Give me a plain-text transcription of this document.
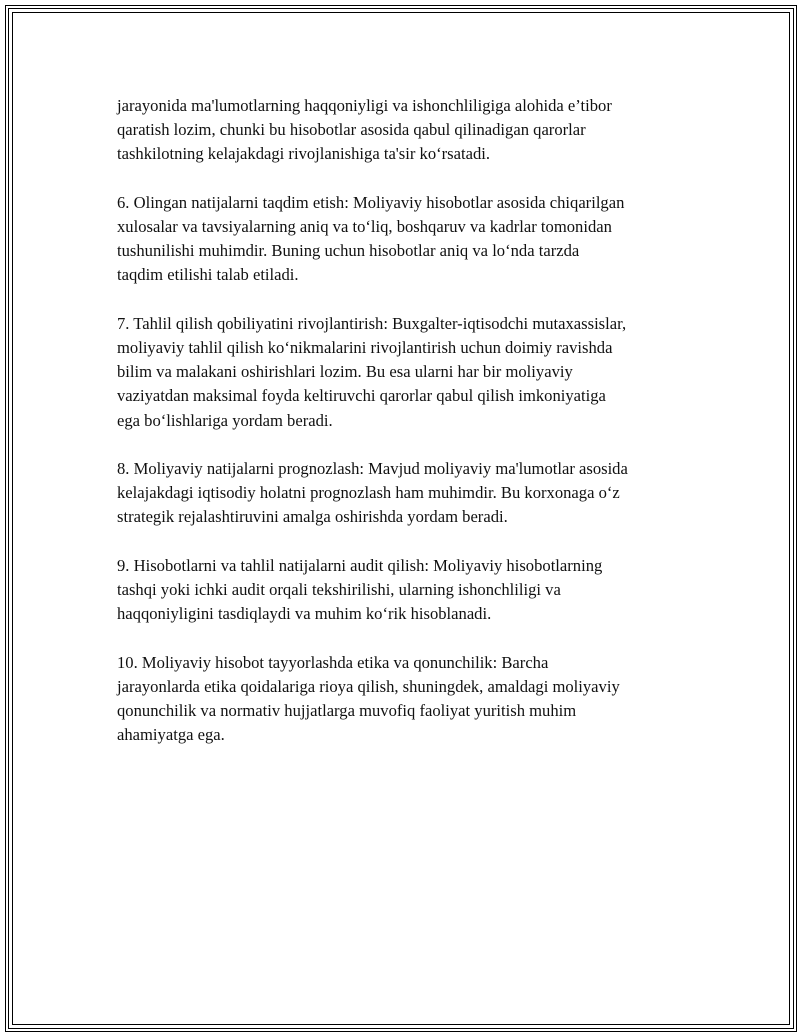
jarayonida ma'lumotlarning haqqoniyligi va ishonchliligiga alohida e’tibor
qaratish lozim, chunki bu hisobotlar asosida qabul qilinadigan qarorlar
tashkilotning kelajakdagi rivojlanishiga ta'sir ko‘rsatadi.

6. Olingan natijalarni taqdim etish: Moliyaviy hisobotlar asosida chiqarilgan
xulosalar va tavsiyalarning aniq va to‘liq, boshqaruv va kadrlar tomonidan
tushunilishi muhimdir. Buning uchun hisobotlar aniq va lo‘nda tarzda
taqdim etilishi talab etiladi.

7. Tahlil qilish qobiliyatini rivojlantirish: Buxgalter-iqtisodchi mutaxassislar,
moliyaviy tahlil qilish ko‘nikmalarini rivojlantirish uchun doimiy ravishda
bilim va malakani oshirishlari lozim. Bu esa ularni har bir moliyaviy
vaziyatdan maksimal foyda keltiruvchi qarorlar qabul qilish imkoniyatiga
ega bo‘lishlariga yordam beradi.

8. Moliyaviy natijalarni prognozlash: Mavjud moliyaviy ma'lumotlar asosida
kelajakdagi iqtisodiy holatni prognozlash ham muhimdir. Bu korxonaga o‘z
strategik rejalashtiruvini amalga oshirishda yordam beradi.

9. Hisobotlarni va tahlil natijalarni audit qilish: Moliyaviy hisobotlarning
tashqi yoki ichki audit orqali tekshirilishi, ularning ishonchliligi va
haqqoniyligini tasdiqlaydi va muhim ko‘rik hisoblanadi.

10. Moliyaviy hisobot tayyorlashda etika va qonunchilik: Barcha
jarayonlarda etika qoidalariga rioya qilish, shuningdek, amaldagi moliyaviy
qonunchilik va normativ hujjatlarga muvofiq faoliyat yuritish muhim
ahamiyatga ega.
